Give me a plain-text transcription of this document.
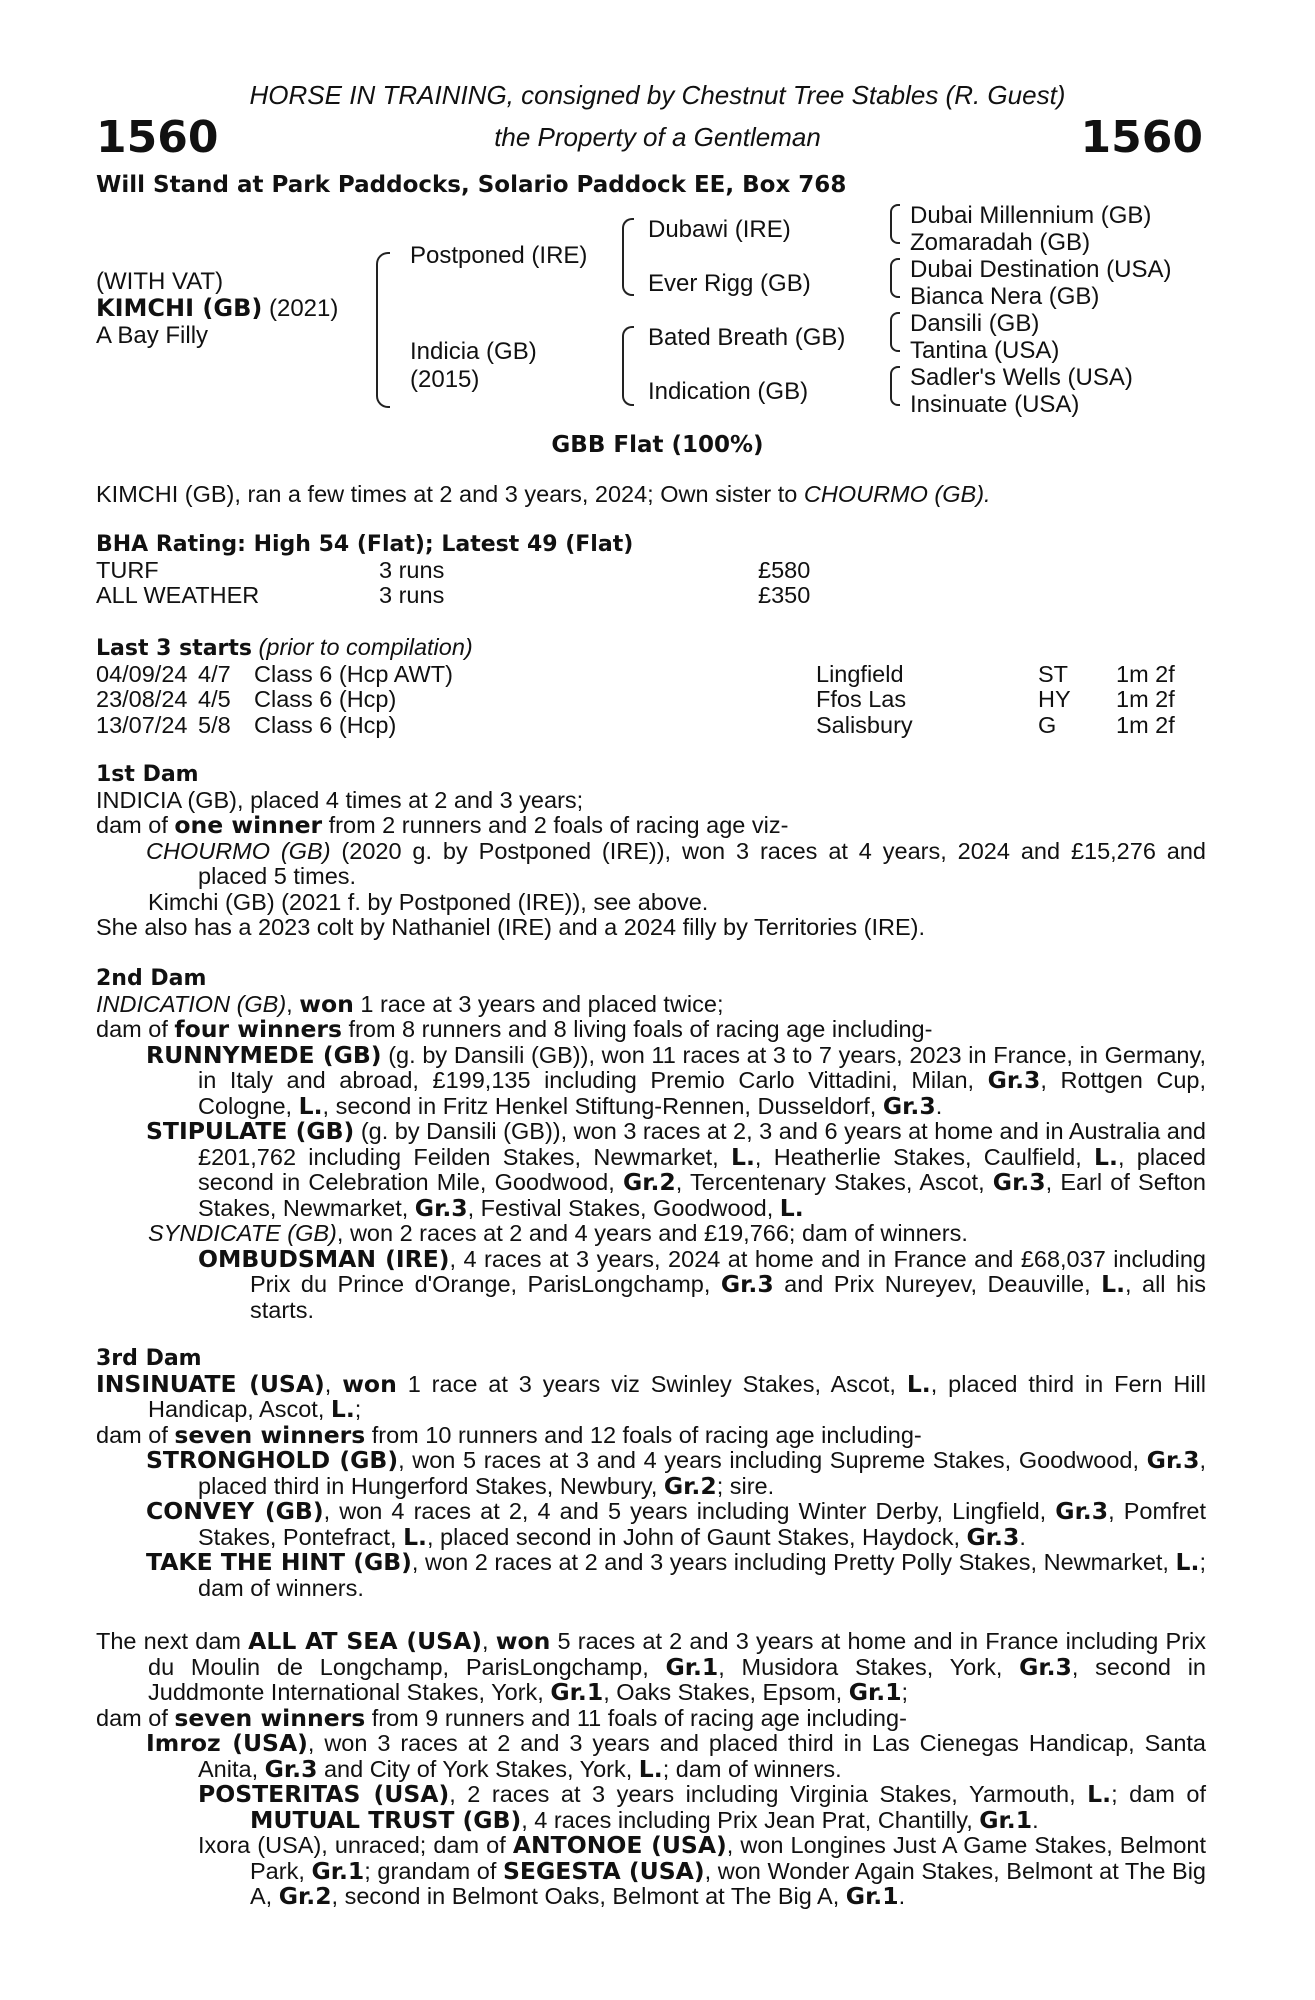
HORSE IN TRAINING, consigned by Chestnut Tree Stables (R. Guest)
1560	the Property of a Gentleman	1560
Will Stand at Park Paddocks, Solario Paddock EE, Box 768
(WITH VAT)
KIMCHI (GB) (2021)
A Bay Filly
Postponed (IRE)
Indicia (GB)
(2015)
Dubawi (IRE)
Ever Rigg (GB)
Bated Breath (GB)
Indication (GB)
Dubai Millennium (GB)
Zomaradah (GB)
Dubai Destination (USA)
Bianca Nera (GB)
Dansili (GB)
Tantina (USA)
Sadler's Wells (USA)
Insinuate (USA)
GBB Flat (100%)
KIMCHI (GB), ran a few times at 2 and 3 years, 2024; Own sister to CHOURMO (GB).
BHA Rating: High 54 (Flat); Latest 49 (Flat)
TURF	3 runs	£580
ALL WEATHER	3 runs	£350
Last 3 starts (prior to compilation)
04/09/24 4/7 Class 6 (Hcp AWT)	Lingfield	ST	1m 2f
23/08/24 4/5 Class 6 (Hcp)	Ffos Las	HY	1m 2f
13/07/24 5/8 Class 6 (Hcp)	Salisbury	G	1m 2f
1st Dam

INDICIA (GB), placed 4 times at 2 and 3 years;

dam of one winner from 2 runners and 2 foals of racing age viz-

CHOURMO (GB) (2020 g. by Postponed (IRE)), won 3 races at 4 years, 2024 and £15,276 and placed 5 times.

Kimchi (GB) (2021 f. by Postponed (IRE)), see above.

She also has a 2023 colt by Nathaniel (IRE) and a 2024 filly by Territories (IRE).

2nd Dam

INDICATION (GB), won 1 race at 3 years and placed twice;

dam of four winners from 8 runners and 8 living foals of racing age including-

RUNNYMEDE (GB) (g. by Dansili (GB)), won 11 races at 3 to 7 years, 2023 in France, in Germany, in Italy and abroad, £199,135 including Premio Carlo Vittadini, Milan, Gr.3, Rottgen Cup, Cologne, L., second in Fritz Henkel Stiftung-Rennen, Dusseldorf, Gr.3.

STIPULATE (GB) (g. by Dansili (GB)), won 3 races at 2, 3 and 6 years at home and in Australia and £201,762 including Feilden Stakes, Newmarket, L., Heatherlie Stakes, Caulfield, L., placed second in Celebration Mile, Goodwood, Gr.2, Tercentenary Stakes, Ascot, Gr.3, Earl of Sefton Stakes, Newmarket, Gr.3, Festival Stakes, Goodwood, L.

SYNDICATE (GB), won 2 races at 2 and 4 years and £19,766; dam of winners.

OMBUDSMAN (IRE), 4 races at 3 years, 2024 at home and in France and £68,037 including Prix du Prince d'Orange, ParisLongchamp, Gr.3 and Prix Nureyev, Deauville, L., all his starts.

3rd Dam

INSINUATE (USA), won 1 race at 3 years viz Swinley Stakes, Ascot, L., placed third in Fern Hill Handicap, Ascot, L.;

dam of seven winners from 10 runners and 12 foals of racing age including-

STRONGHOLD (GB), won 5 races at 3 and 4 years including Supreme Stakes, Goodwood, Gr.3, placed third in Hungerford Stakes, Newbury, Gr.2; sire.

CONVEY (GB), won 4 races at 2, 4 and 5 years including Winter Derby, Lingfield, Gr.3, Pomfret Stakes, Pontefract, L., placed second in John of Gaunt Stakes, Haydock, Gr.3.

TAKE THE HINT (GB), won 2 races at 2 and 3 years including Pretty Polly Stakes, Newmarket, L.; dam of winners.

The next dam ALL AT SEA (USA), won 5 races at 2 and 3 years at home and in France including Prix du Moulin de Longchamp, ParisLongchamp, Gr.1, Musidora Stakes, York, Gr.3, second in Juddmonte International Stakes, York, Gr.1, Oaks Stakes, Epsom, Gr.1;

dam of seven winners from 9 runners and 11 foals of racing age including-

Imroz (USA), won 3 races at 2 and 3 years and placed third in Las Cienegas Handicap, Santa Anita, Gr.3 and City of York Stakes, York, L.; dam of winners.

POSTERITAS (USA), 2 races at 3 years including Virginia Stakes, Yarmouth, L.; dam of MUTUAL TRUST (GB), 4 races including Prix Jean Prat, Chantilly, Gr.1.

Ixora (USA), unraced; dam of ANTONOE (USA), won Longines Just A Game Stakes, Belmont Park, Gr.1; grandam of SEGESTA (USA), won Wonder Again Stakes, Belmont at The Big A, Gr.2, second in Belmont Oaks, Belmont at The Big A, Gr.1.
